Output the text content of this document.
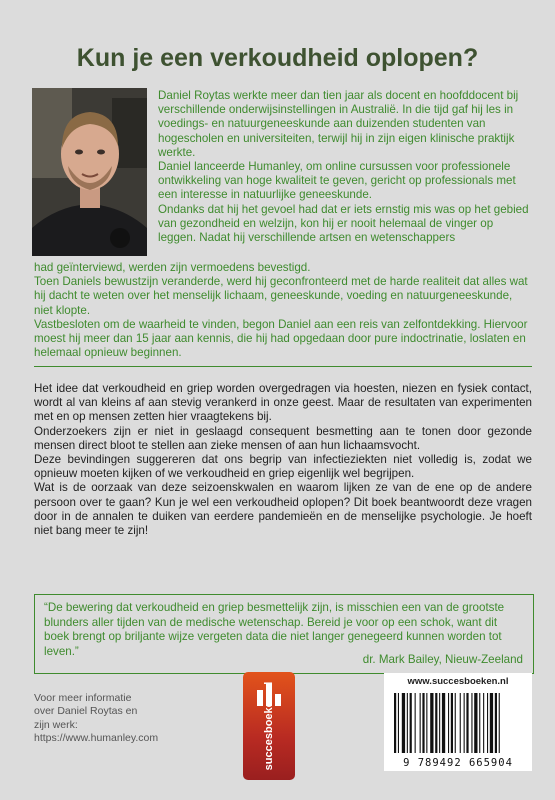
Kun je een verkoudheid oplopen?

Daniel Roytas werkte meer dan tien jaar als docent en hoofddocent bij verschillende onderwijsinstellingen in Australië. In die tijd gaf hij les in voedings- en natuurgeneeskunde aan duizenden studenten van hogescholen en universiteiten, terwijl hij in zijn eigen klinische praktijk werkte.

Daniel lanceerde Humanley, om online cursussen voor professionele ontwikkeling van hoge kwaliteit te geven, gericht op professionals met een interesse in natuurlijke geneeskunde.

Ondanks dat hij het gevoel had dat er iets ernstig mis was op het gebied van gezondheid en welzijn, kon hij er nooit helemaal de vinger op leggen. Nadat hij verschillende artsen en wetenschappers

had geïnterviewd, werden zijn vermoedens bevestigd.

Toen Daniels bewustzijn veranderde, werd hij geconfronteerd met de harde realiteit dat alles wat hij dacht te weten over het menselijk lichaam, geneeskunde, voeding en natuurgeneeskunde, niet klopte.

Vastbesloten om de waarheid te vinden, begon Daniel aan een reis van zelfontdekking. Hiervoor moest hij meer dan 15 jaar aan kennis, die hij had opgedaan door pure indoctrinatie, loslaten en helemaal opnieuw beginnen.

Het idee dat verkoudheid en griep worden overgedragen via hoesten, niezen en fysiek contact, wordt al van kleins af aan stevig verankerd in onze geest. Maar de resultaten van experimenten met en op mensen zetten hier vraagtekens bij.

Onderzoekers zijn er niet in geslaagd consequent besmetting aan te tonen door gezonde mensen direct bloot te stellen aan zieke mensen of aan hun lichaamsvocht.

Deze bevindingen suggereren dat ons begrip van infectieziekten niet volledig is, zodat we opnieuw moeten kijken of we verkoudheid en griep eigenlijk wel begrijpen.

Wat is de oorzaak van deze seizoenskwalen en waarom lijken ze van de ene op de andere persoon over te gaan? Kun je wel een verkoudheid oplopen? Dit boek beantwoordt deze vragen door in de annalen te duiken van eerdere pandemieën en de menselijke psychologie. Je hoeft niet bang meer te zijn!

“De bewering dat verkoudheid en griep besmettelijk zijn, is misschien een van de grootste blunders aller tijden van de medische wetenschap. Bereid je voor op een schok, want dit boek brengt op briljante wijze vergeten data die niet langer genegeerd kunnen worden tot leven.”
dr. Mark Bailey, Nieuw-Zeeland
Voor meer informatie
over Daniel Roytas en
zijn werk:
https://www.humanley.com	succesboeken.nl
www.succesboeken.nl
9 789492 665904
